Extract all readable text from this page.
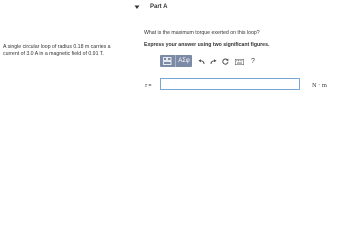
A single circular loop of radius 0.18 m carries a current of 3.0 A in a magnetic field of 0.91 T.
Part A
What is the maximum torque exerted on this loop?
Express your answer using two significant figures.
ΑΣφ	?
τ =	N · m
